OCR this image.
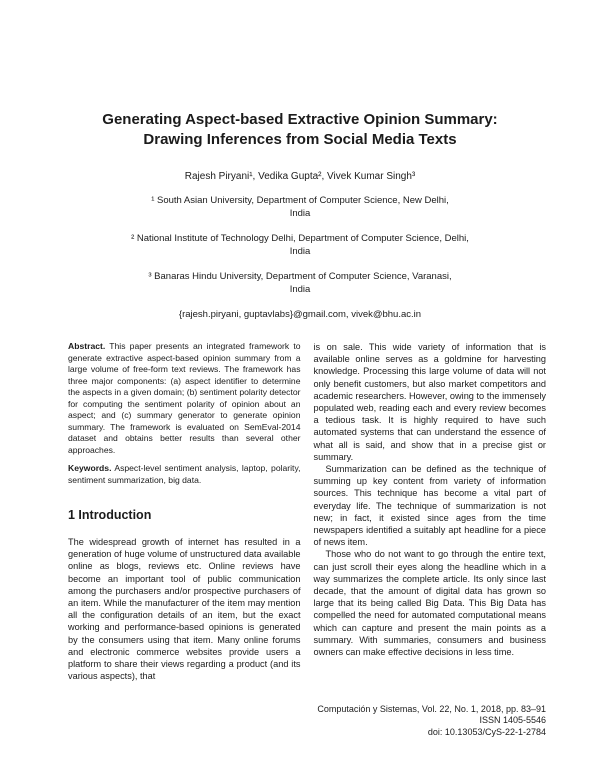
Generating Aspect-based Extractive Opinion Summary:
Drawing Inferences from Social Media Texts
Rajesh Piryani¹, Vedika Gupta², Vivek Kumar Singh³
¹ South Asian University, Department of Computer Science, New Delhi,
India
² National Institute of Technology Delhi, Department of Computer Science, Delhi,
India
³ Banaras Hindu University, Department of Computer Science, Varanasi,
India
{rajesh.piryani, guptavlabs}@gmail.com, vivek@bhu.ac.in

Abstract. This paper presents an integrated framework to generate extractive aspect-based opinion summary from a large volume of free-form text reviews. The framework has three major components: (a) aspect identifier to determine the aspects in a given domain; (b) sentiment polarity detector for computing the sentiment polarity of opinion about an aspect; and (c) summary generator to generate opinion summary. The framework is evaluated on SemEval-2014 dataset and obtains better results than several other approaches.

Keywords. Aspect-level sentiment analysis, laptop, polarity, sentiment summarization, big data.

1 Introduction

The widespread growth of internet has resulted in a generation of huge volume of unstructured data available online as blogs, reviews etc. Online reviews have become an important tool of public communication among the purchasers and/or prospective purchasers of an item. While the manufacturer of the item may mention all the configuration details of an item, but the exact working and performance-based opinions is generated by the consumers using that item. Many online forums and electronic commerce websites provide users a platform to share their views regarding a product (and its various aspects), that

is on sale. This wide variety of information that is available online serves as a goldmine for harvesting knowledge. Processing this large volume of data will not only benefit customers, but also market competitors and academic researchers. However, owing to the immensely populated web, reading each and every review becomes a tedious task. It is highly required to have such automated systems that can understand the essence of what all is said, and show that in a precise gist or summary.

Summarization can be defined as the technique of summing up key content from variety of information sources. This technique has become a vital part of everyday life. The technique of summarization is not new; in fact, it existed since ages from the time newspapers identified a suitably apt headline for a piece of news item.

Those who do not want to go through the entire text, can just scroll their eyes along the headline which in a way summarizes the complete article. Its only since last decade, that the amount of digital data has grown so large that its being called Big Data. This Big Data has compelled the need for automated computational means which can capture and present the main points as a summary. With summaries, consumers and business owners can make effective decisions in less time.

Computación y Sistemas, Vol. 22, No. 1, 2018, pp. 83–91
ISSN 1405-5546
doi: 10.13053/CyS-22-1-2784
